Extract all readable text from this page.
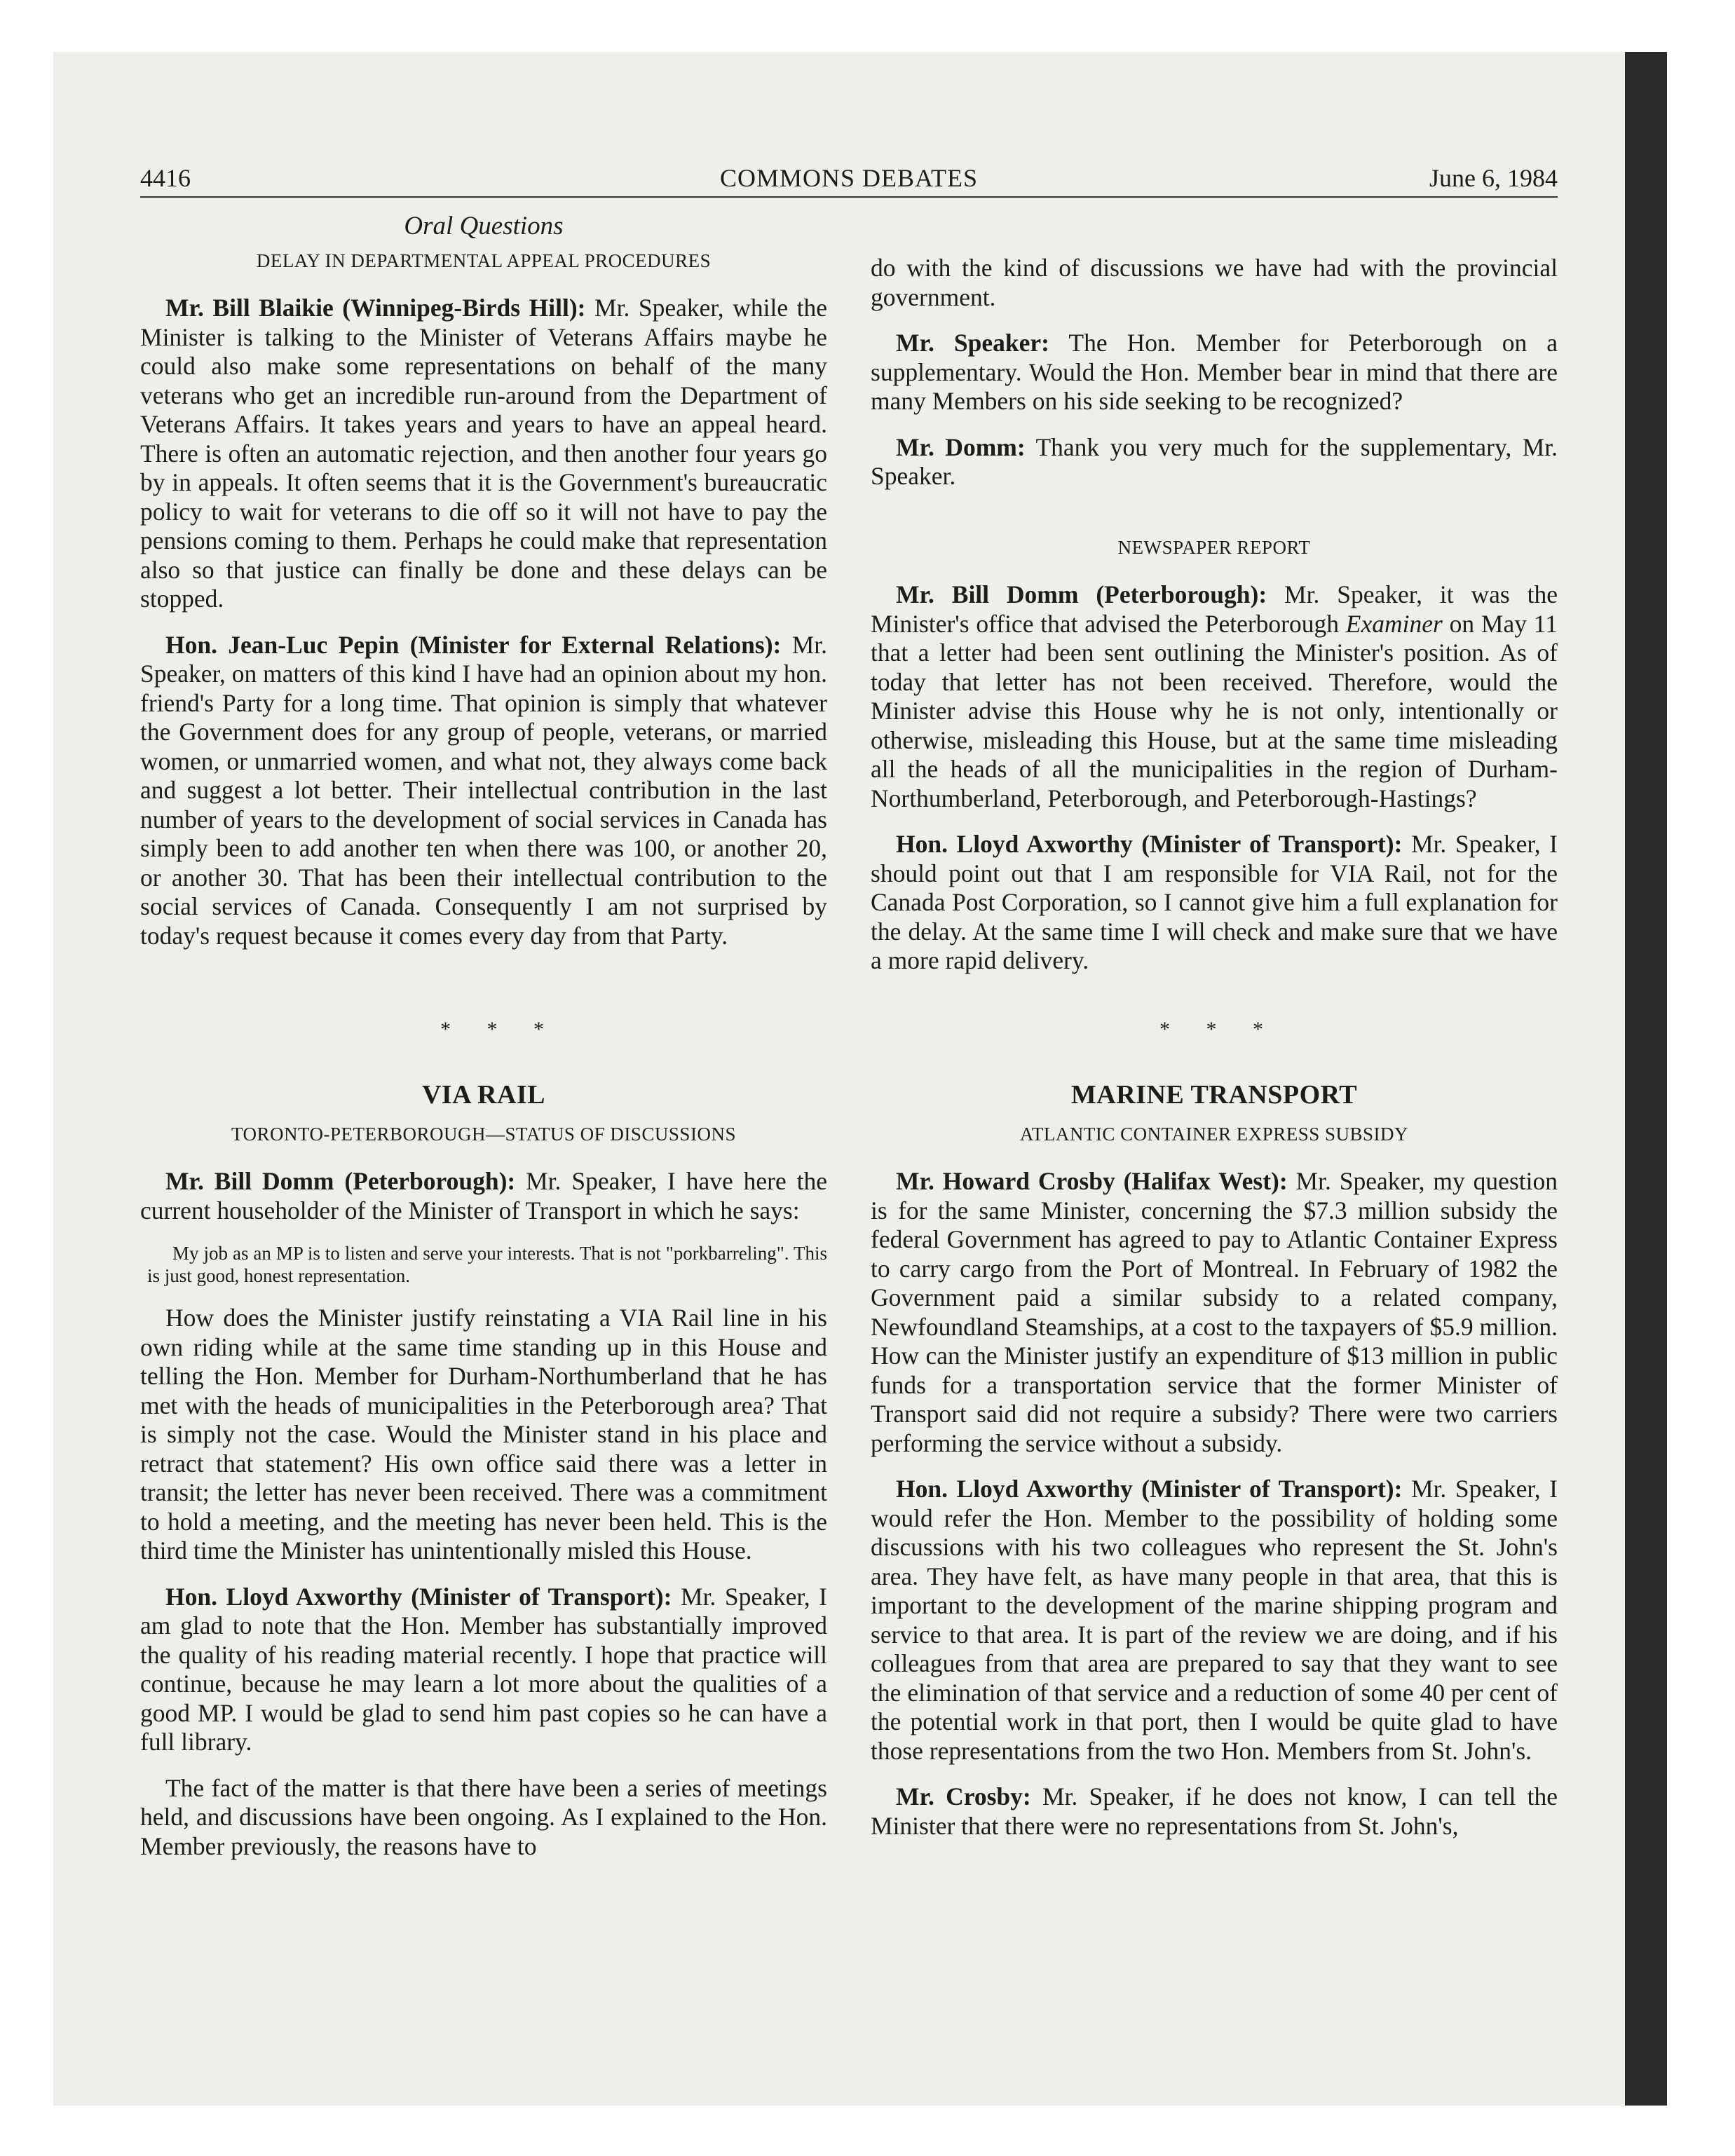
4416	COMMONS DEBATES	June 6, 1984
Oral Questions
DELAY IN DEPARTMENTAL APPEAL PROCEDURES

Mr. Bill Blaikie (Winnipeg-Birds Hill): Mr. Speaker, while the Minister is talking to the Minister of Veterans Affairs maybe he could also make some representations on behalf of the many veterans who get an incredible run-around from the Department of Veterans Affairs. It takes years and years to have an appeal heard. There is often an automatic rejection, and then another four years go by in appeals. It often seems that it is the Government's bureaucratic policy to wait for veterans to die off so it will not have to pay the pensions coming to them. Perhaps he could make that representation also so that justice can finally be done and these delays can be stopped.

Hon. Jean-Luc Pepin (Minister for External Relations): Mr. Speaker, on matters of this kind I have had an opinion about my hon. friend's Party for a long time. That opinion is simply that whatever the Government does for any group of people, veterans, or married women, or unmarried women, and what not, they always come back and suggest a lot better. Their intellectual contribution in the last number of years to the development of social services in Canada has simply been to add another ten when there was 100, or another 20, or another 30. That has been their intellectual contribution to the social services of Canada. Consequently I am not surprised by today's request because it comes every day from that Party.

do with the kind of discussions we have had with the provincial government.

Mr. Speaker: The Hon. Member for Peterborough on a supplementary. Would the Hon. Member bear in mind that there are many Members on his side seeking to be recognized?

Mr. Domm: Thank you very much for the supplementary, Mr. Speaker.

NEWSPAPER REPORT

Mr. Bill Domm (Peterborough): Mr. Speaker, it was the Minister's office that advised the Peterborough Examiner on May 11 that a letter had been sent outlining the Minister's position. As of today that letter has not been received. Therefore, would the Minister advise this House why he is not only, intentionally or otherwise, misleading this House, but at the same time misleading all the heads of all the municipalities in the region of Durham-Northumberland, Peterborough, and Peterborough-Hastings?

Hon. Lloyd Axworthy (Minister of Transport): Mr. Speaker, I should point out that I am responsible for VIA Rail, not for the Canada Post Corporation, so I cannot give him a full explanation for the delay. At the same time I will check and make sure that we have a more rapid delivery.

* * *	* * *
VIA RAIL
TORONTO-PETERBOROUGH—STATUS OF DISCUSSIONS

Mr. Bill Domm (Peterborough): Mr. Speaker, I have here the current householder of the Minister of Transport in which he says:

My job as an MP is to listen and serve your interests. That is not "porkbarreling". This is just good, honest representation.

How does the Minister justify reinstating a VIA Rail line in his own riding while at the same time standing up in this House and telling the Hon. Member for Durham-Northumberland that he has met with the heads of municipalities in the Peterborough area? That is simply not the case. Would the Minister stand in his place and retract that statement? His own office said there was a letter in transit; the letter has never been received. There was a commitment to hold a meeting, and the meeting has never been held. This is the third time the Minister has unintentionally misled this House.

Hon. Lloyd Axworthy (Minister of Transport): Mr. Speaker, I am glad to note that the Hon. Member has substantially improved the quality of his reading material recently. I hope that practice will continue, because he may learn a lot more about the qualities of a good MP. I would be glad to send him past copies so he can have a full library.

The fact of the matter is that there have been a series of meetings held, and discussions have been ongoing. As I explained to the Hon. Member previously, the reasons have to

MARINE TRANSPORT
ATLANTIC CONTAINER EXPRESS SUBSIDY

Mr. Howard Crosby (Halifax West): Mr. Speaker, my question is for the same Minister, concerning the $7.3 million subsidy the federal Government has agreed to pay to Atlantic Container Express to carry cargo from the Port of Montreal. In February of 1982 the Government paid a similar subsidy to a related company, Newfoundland Steamships, at a cost to the taxpayers of $5.9 million. How can the Minister justify an expenditure of $13 million in public funds for a transportation service that the former Minister of Transport said did not require a subsidy? There were two carriers performing the service without a subsidy.

Hon. Lloyd Axworthy (Minister of Transport): Mr. Speaker, I would refer the Hon. Member to the possibility of holding some discussions with his two colleagues who represent the St. John's area. They have felt, as have many people in that area, that this is important to the development of the marine shipping program and service to that area. It is part of the review we are doing, and if his colleagues from that area are prepared to say that they want to see the elimination of that service and a reduction of some 40 per cent of the potential work in that port, then I would be quite glad to have those representations from the two Hon. Members from St. John's.

Mr. Crosby: Mr. Speaker, if he does not know, I can tell the Minister that there were no representations from St. John's,
